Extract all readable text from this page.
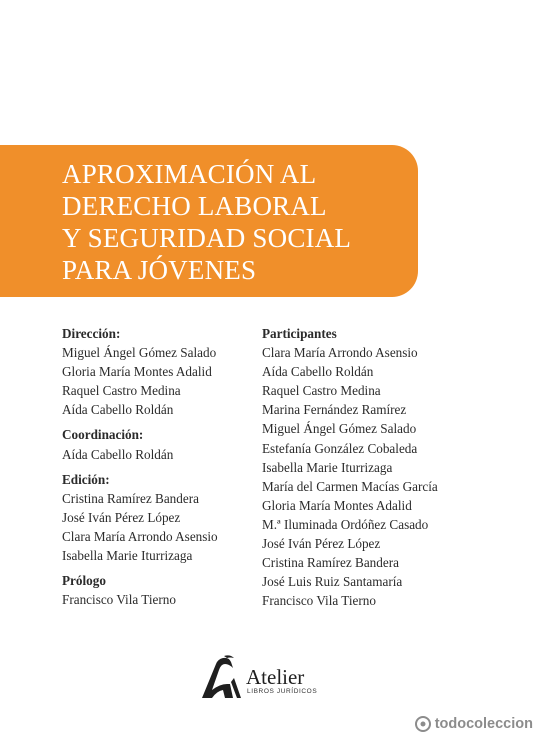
APROXIMACIÓN AL
DERECHO LABORAL
Y SEGURIDAD SOCIAL
PARA JÓVENES
Dirección:
Miguel Ángel Gómez Salado
Gloria María Montes Adalid
Raquel Castro Medina
Aída Cabello Roldán
Coordinación:
Aída Cabello Roldán
Edición:
Cristina Ramírez Bandera
José Iván Pérez López
Clara María Arrondo Asensio
Isabella Marie Iturrizaga
Prólogo
Francisco Vila Tierno
Participantes
Clara María Arrondo Asensio
Aída Cabello Roldán
Raquel Castro Medina
Marina Fernández Ramírez
Miguel Ángel Gómez Salado
Estefanía González Cobaleda
Isabella Marie Iturrizaga
María del Carmen Macías García
Gloria María Montes Adalid
M.ª Iluminada Ordóñez Casado
José Iván Pérez López
Cristina Ramírez Bandera
José Luis Ruiz Santamaría
Francisco Vila Tierno
Atelier
LIBROS JURÍDICOS
todocoleccion
